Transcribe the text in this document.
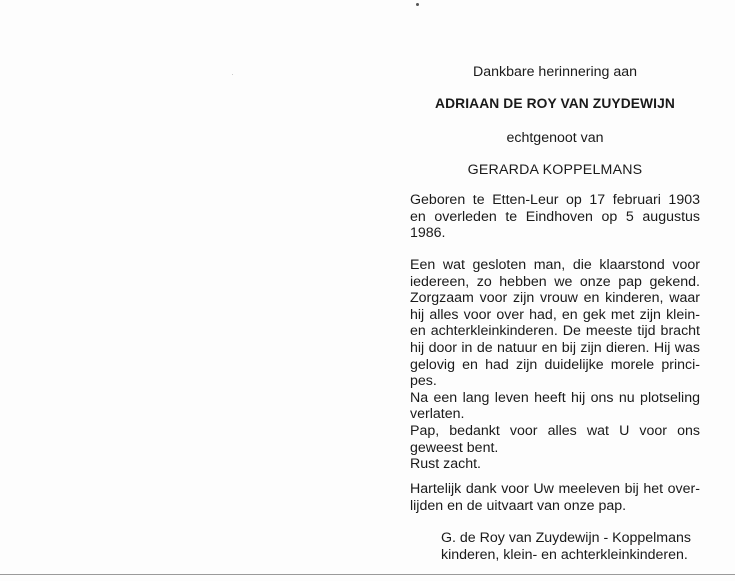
Dankbare herinnering aan
ADRIAAN DE ROY VAN ZUYDEWIJN
echtgenoot van
GERARDA KOPPELMANS
Geboren te Etten-Leur op 17 februari 1903
en overleden te Eindhoven op 5 augustus
1986.
Een wat gesloten man, die klaarstond voor
iedereen, zo hebben we onze pap gekend.
Zorgzaam voor zijn vrouw en kinderen, waar
hij alles voor over had, en gek met zijn klein-
en achterkleinkinderen. De meeste tijd bracht
hij door in de natuur en bij zijn dieren. Hij was
gelovig en had zijn duidelijke morele princi-
pes.
Na een lang leven heeft hij ons nu plotseling
verlaten.
Pap, bedankt voor alles wat U voor ons
geweest bent.
Rust zacht.
Hartelijk dank voor Uw meeleven bij het over-
lijden en de uitvaart van onze pap.
G. de Roy van Zuydewijn - Koppelmans
kinderen, klein- en achterkleinkinderen.
